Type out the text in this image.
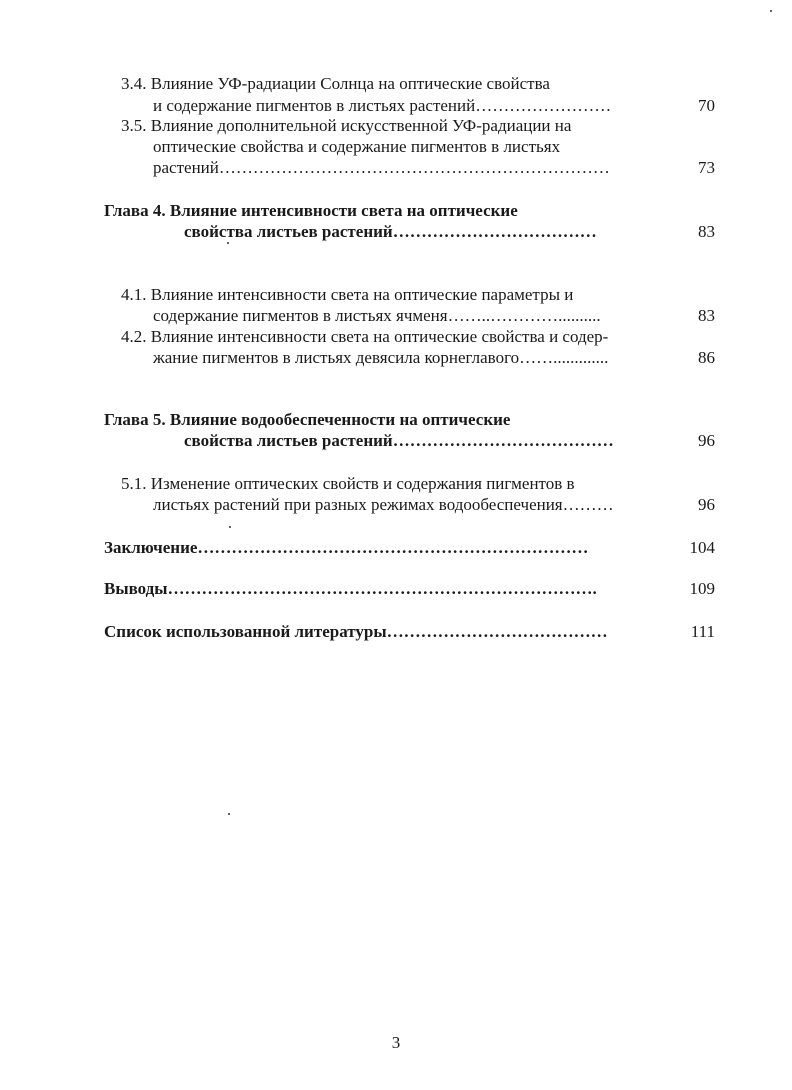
3.4. Влияние УФ-радиации Солнца на оптические свойства
и содержание пигментов в листьях растений……………………	70
3.5. Влияние дополнительной искусственной УФ-радиации на
оптические свойства и содержание пигментов в листьях
растений……………………………………………………………	73
Глава 4. Влияние интенсивности света на оптические
свойства листьев растений………………………………	83
4.1. Влияние интенсивности света на оптические параметры и
содержание пигментов в листьях ячменя……..…………..........	83
4.2. Влияние интенсивности света на оптические свойства и содер-
жание пигментов в листьях девясила корнеглавого…….............	86
Глава 5. Влияние водообеспеченности на оптические
свойства листьев растений…………………………………	96
5.1. Изменение оптических свойств и содержания пигментов в
листьях растений при разных режимах водообеспечения………	96
Заключение……………………………………………………………	104
Выводы………………………………………………………………….	109
Список использованной литературы…………………………………	111
3
